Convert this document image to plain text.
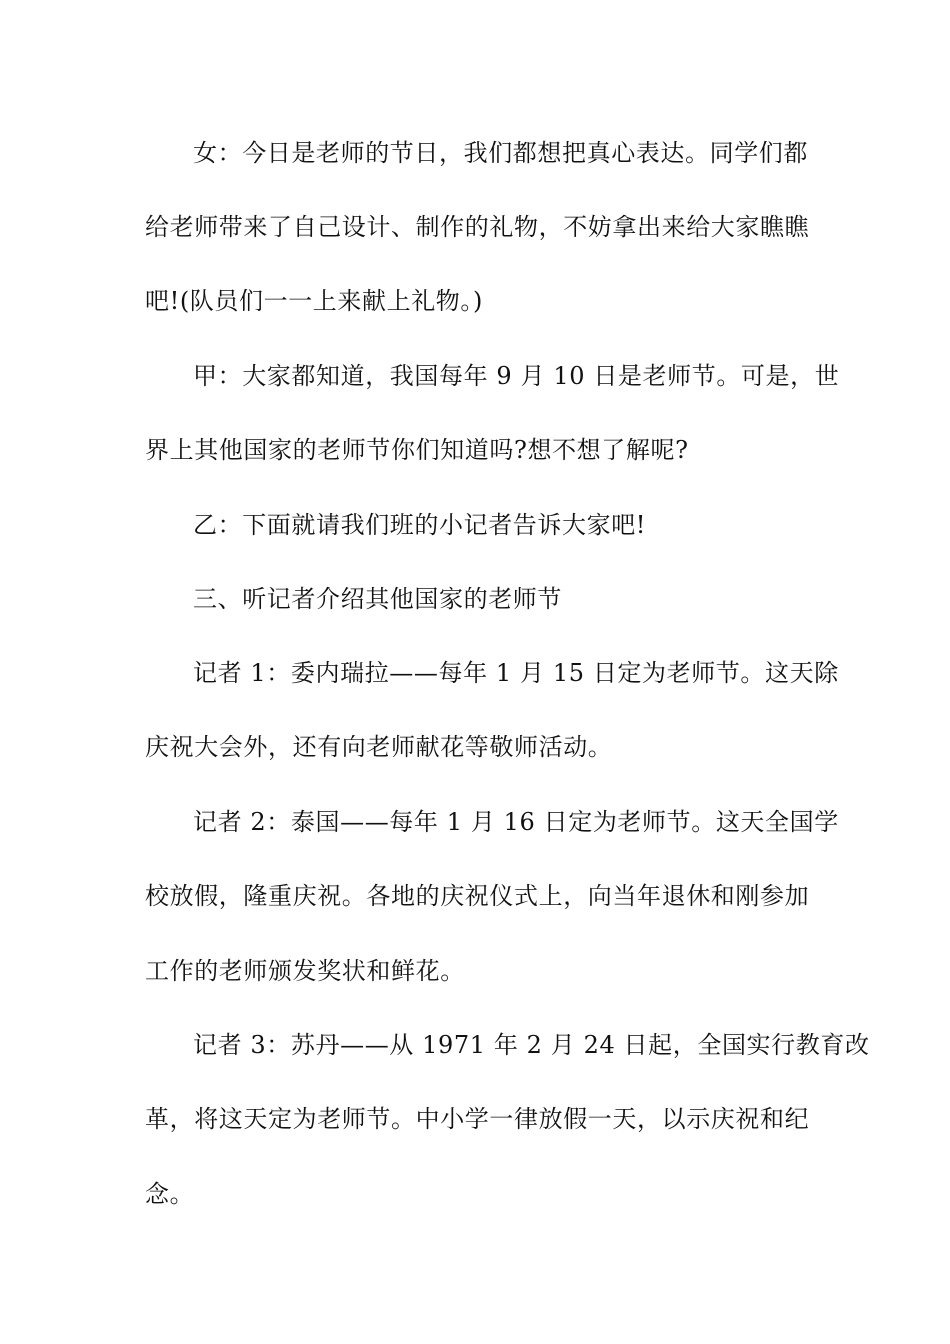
女：今日是老师的节日，我们都想把真心表达。同学们都
给老师带来了自己设计、制作的礼物，不妨拿出来给大家瞧瞧
吧!(队员们一一上来献上礼物。)
甲：大家都知道，我国每年 9 月 10 日是老师节。可是，世
界上其他国家的老师节你们知道吗?想不想了解呢?
乙：下面就请我们班的小记者告诉大家吧!
三、听记者介绍其他国家的老师节
记者 1：委内瑞拉——每年 1 月 15 日定为老师节。这天除
庆祝大会外，还有向老师献花等敬师活动。
记者 2：泰国——每年 1 月 16 日定为老师节。这天全国学
校放假，隆重庆祝。各地的庆祝仪式上，向当年退休和刚参加
工作的老师颁发奖状和鲜花。
记者 3：苏丹——从 1971 年 2 月 24 日起，全国实行教育改
革，将这天定为老师节。中小学一律放假一天，以示庆祝和纪
念。
